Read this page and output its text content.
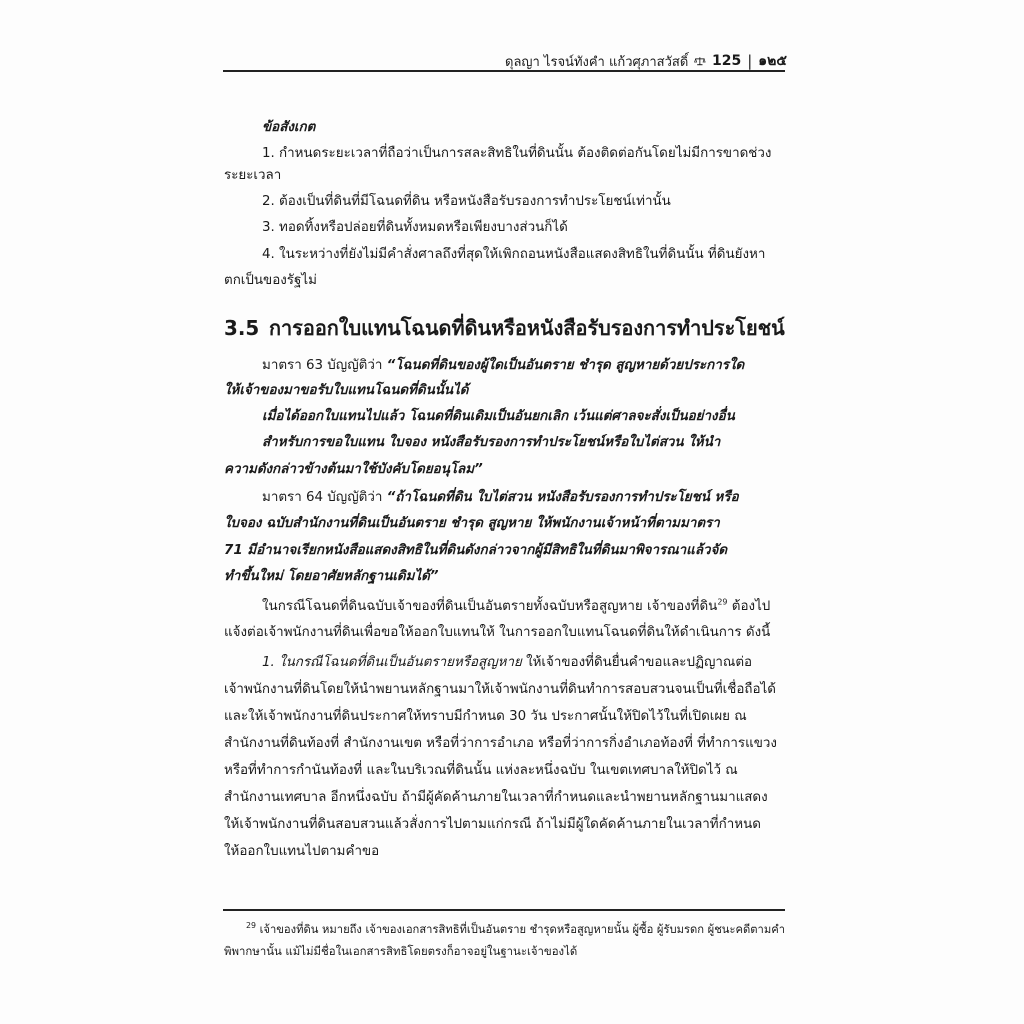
ดุลญา ไรจน์ทังคำ แก้วศุภาสวัสดิ์ 125 | ๑๒๕
ข้อสังเกต
1. กำหนดระยะเวลาที่ถือว่าเป็นการสละสิทธิในที่ดินนั้น ต้องติดต่อกันโดยไม่มีการขาดช่วง
ระยะเวลา
2. ต้องเป็นที่ดินที่มีโฉนดที่ดิน หรือหนังสือรับรองการทำประโยชน์เท่านั้น
3. ทอดทิ้งหรือปล่อยที่ดินทั้งหมดหรือเพียงบางส่วนก็ได้
4. ในระหว่างที่ยังไม่มีคำสั่งศาลถึงที่สุดให้เพิกถอนหนังสือแสดงสิทธิในที่ดินนั้น ที่ดินยังหา
ตกเป็นของรัฐไม่
3.5 การออกใบแทนโฉนดที่ดินหรือหนังสือรับรองการทำประโยชน์
มาตรา 63 บัญญัติว่า “โฉนดที่ดินของผู้ใดเป็นอันตราย ชำรุด สูญหายด้วยประการใด
ให้เจ้าของมาขอรับใบแทนโฉนดที่ดินนั้นได้
เมื่อได้ออกใบแทนไปแล้ว โฉนดที่ดินเดิมเป็นอันยกเลิก เว้นแต่ศาลจะสั่งเป็นอย่างอื่น
สำหรับการขอใบแทน ใบจอง หนังสือรับรองการทำประโยชน์หรือใบไต่สวน ให้นำ
ความดังกล่าวข้างต้นมาใช้บังคับโดยอนุโลม”
มาตรา 64 บัญญัติว่า “ถ้าโฉนดที่ดิน ใบไต่สวน หนังสือรับรองการทำประโยชน์ หรือ
ใบจอง ฉบับสำนักงานที่ดินเป็นอันตราย ชำรุด สูญหาย ให้พนักงานเจ้าหน้าที่ตามมาตรา
71 มีอำนาจเรียกหนังสือแสดงสิทธิในที่ดินดังกล่าวจากผู้มีสิทธิในที่ดินมาพิจารณาแล้วจัด
ทำขึ้นใหม่ โดยอาศัยหลักฐานเดิมได้”
ในกรณีโฉนดที่ดินฉบับเจ้าของที่ดินเป็นอันตรายทั้งฉบับหรือสูญหาย เจ้าของที่ดิน$^{29}$ ต้องไป
แจ้งต่อเจ้าพนักงานที่ดินเพื่อขอให้ออกใบแทนให้ ในการออกใบแทนโฉนดที่ดินให้ดำเนินการ ดังนี้
1. ในกรณีโฉนดที่ดินเป็นอันตรายหรือสูญหาย ให้เจ้าของที่ดินยื่นคำขอและปฏิญาณต่อ
เจ้าพนักงานที่ดินโดยให้นำพยานหลักฐานมาให้เจ้าพนักงานที่ดินทำการสอบสวนจนเป็นที่เชื่อถือได้
และให้เจ้าพนักงานที่ดินประกาศให้ทราบมีกำหนด 30 วัน ประกาศนั้นให้ปิดไว้ในที่เปิดเผย ณ
สำนักงานที่ดินท้องที่ สำนักงานเขต หรือที่ว่าการอำเภอ หรือที่ว่าการกิ่งอำเภอท้องที่ ที่ทำการแขวง
หรือที่ทำการกำนันท้องที่ และในบริเวณที่ดินนั้น แห่งละหนึ่งฉบับ ในเขตเทศบาลให้ปิดไว้ ณ
สำนักงานเทศบาล อีกหนึ่งฉบับ ถ้ามีผู้คัดค้านภายในเวลาที่กำหนดและนำพยานหลักฐานมาแสดง
ให้เจ้าพนักงานที่ดินสอบสวนแล้วสั่งการไปตามแก่กรณี ถ้าไม่มีผู้ใดคัดค้านภายในเวลาที่กำหนด
ให้ออกใบแทนไปตามคำขอ
$^{29}$ เจ้าของที่ดิน หมายถึง เจ้าของเอกสารสิทธิที่เป็นอันตราย ชำรุดหรือสูญหายนั้น ผู้ซื้อ ผู้รับมรดก ผู้ชนะคดีตามคำ
พิพากษานั้น แม้ไม่มีชื่อในเอกสารสิทธิโดยตรงก็อาจอยู่ในฐานะเจ้าของได้
